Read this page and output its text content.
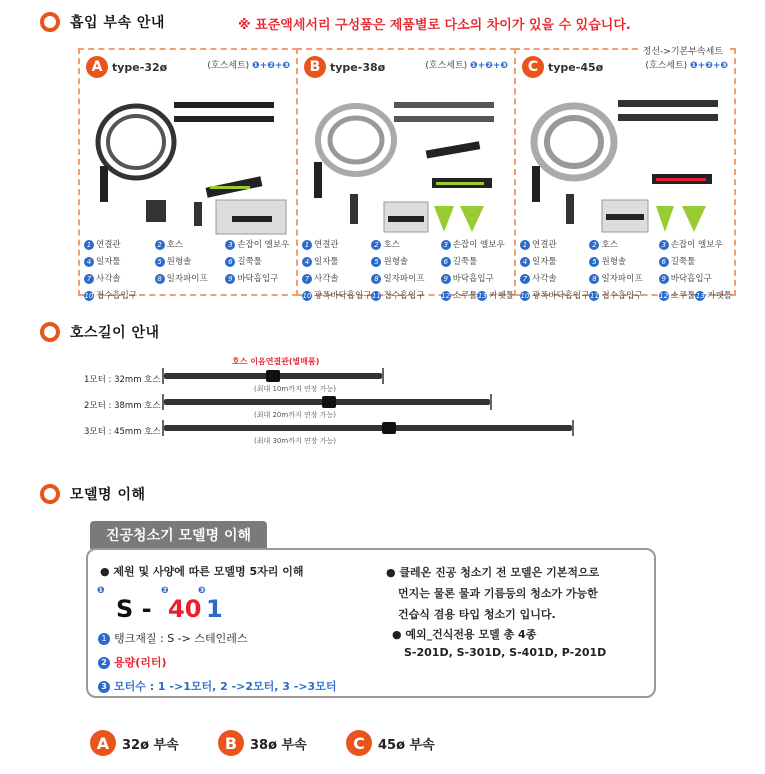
흡입 부속 안내	※ 표준액세서리 구성품은 제품별로 다소의 차이가 있을 수 있습니다.
A type-32ø	(호스세트) ❶+❷+❸
1 연결관	2 호스	3 손잡이 엘보우
4 일자툴	5 원형솔	6 길쭉툴
7 사각솔	8 일자파이프	9 바닥흡입구
10 접수흡입구
B type-38ø	(호스세트) ❶+❷+❸
1 연결관	2 호스	3 손잡이 엘보우
4 일자툴	5 원형솔	6 길쭉툴
7 사각솔	8 일자파이프	9 바닥흡입구
10 광폭바닥흡입구 11 접수흡입구	12 소쿠툴13 카펫툴
정선->기본부속세트
C type-45ø	(호스세트) ❶+❷+❸
1 연결관	2 호스	3 손잡이 엘보우
4 일자툴	5 원형솔	6 길쭉툴
7 사각솔	8 일자파이프	9 바닥흡입구
10 광폭바닥흡입구 11 접수흡입구	12 소쿠툴13 카펫툴
호스길이 안내
호스 이음연결관(별매품)
1모터 : 32mm 호스
(최대 10m까지 연장 가능)
2모터 : 38mm 호스
(최대 20m까지 연장 가능)
3모터 : 45mm 호스
(최대 30m까지 연장 가능)
모델명 이해
진공청소기 모델명 이해
● 제원 및 사양에 따른 모델명 5자리 이해
❶	❷	❸
S - 40 1
1 탱크재질 : S -> 스테인레스
2 용량(리터)
3 모터수 : 1 ->1모터, 2 ->2모터, 3 ->3모터
● 클레온 진공 청소기 전 모델은 기본적으로
먼지는 물론 물과 기름등의 청소가 가능한
건습식 겸용 타입 청소기 입니다.
● 예외_건식전용 모델 총 4종
S-201D, S-301D, S-401D, P-201D
A 32ø 부속	B 38ø 부속	C	45ø 부속
